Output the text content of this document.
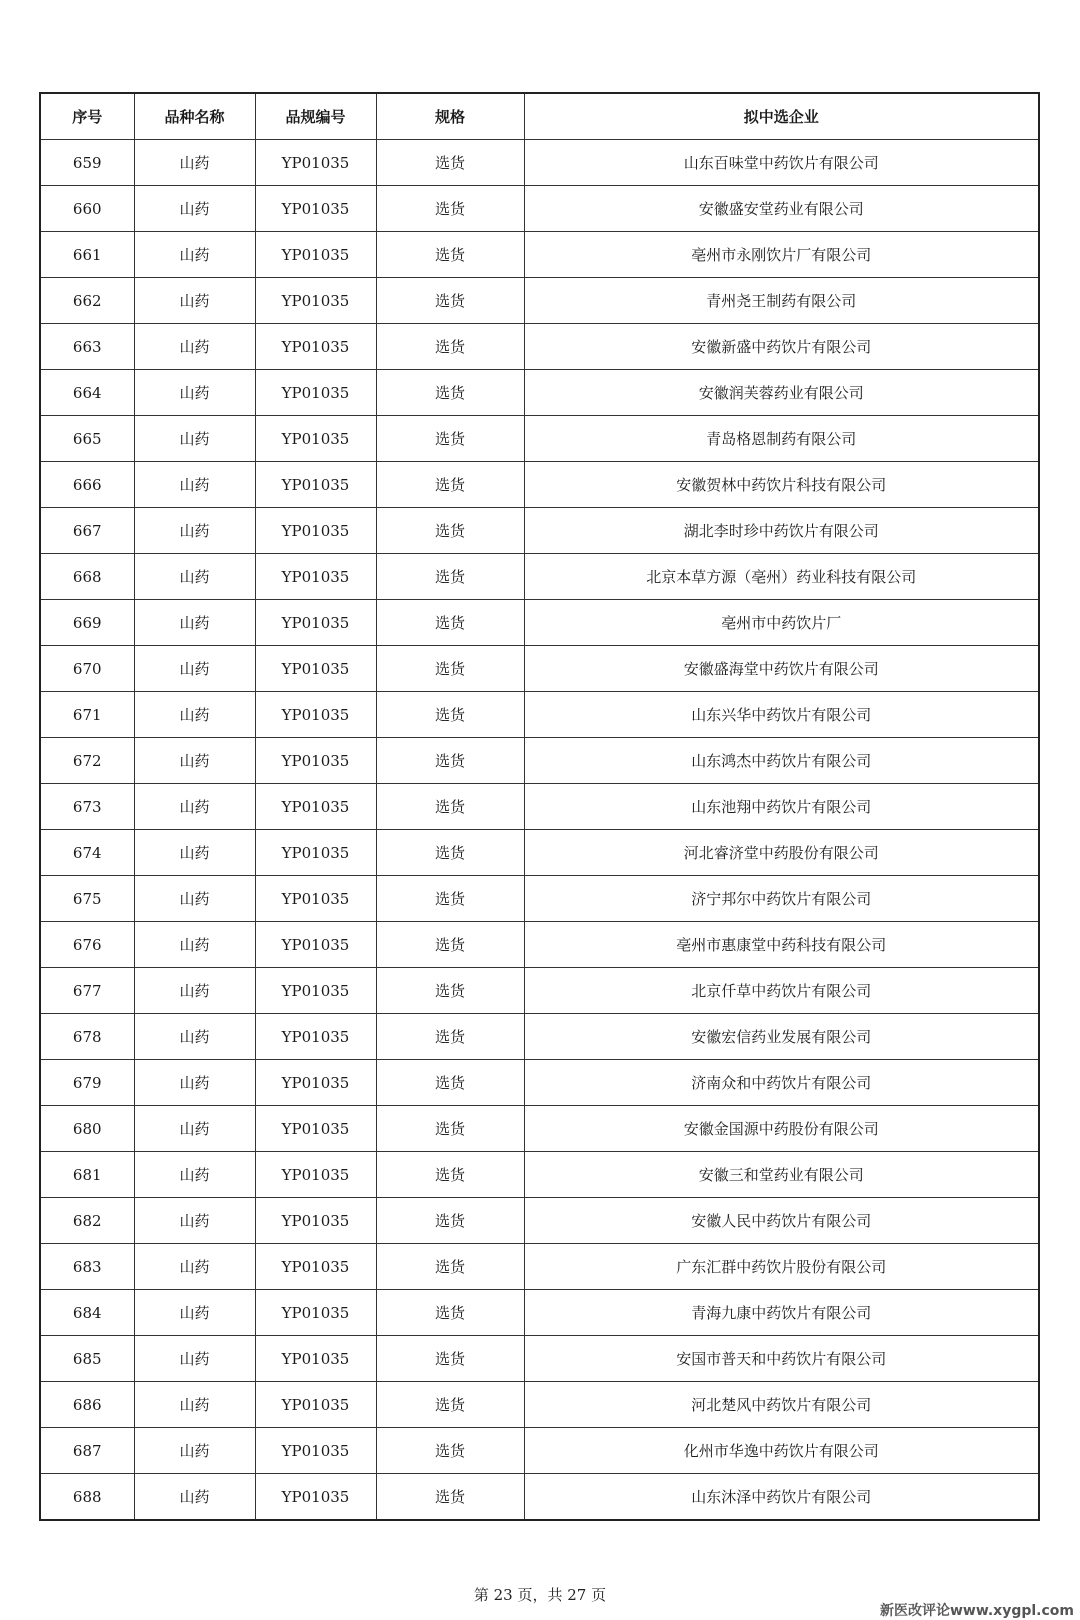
序号	品种名称	品规编号	规格	拟中选企业
659	山药	YP01035	选货	山东百味堂中药饮片有限公司
660	山药	YP01035	选货	安徽盛安堂药业有限公司
661	山药	YP01035	选货	亳州市永刚饮片厂有限公司
662	山药	YP01035	选货	青州尧王制药有限公司
663	山药	YP01035	选货	安徽新盛中药饮片有限公司
664	山药	YP01035	选货	安徽润芙蓉药业有限公司
665	山药	YP01035	选货	青岛格恩制药有限公司
666	山药	YP01035	选货	安徽贺林中药饮片科技有限公司
667	山药	YP01035	选货	湖北李时珍中药饮片有限公司
668	山药	YP01035	选货	北京本草方源（亳州）药业科技有限公司
669	山药	YP01035	选货	亳州市中药饮片厂
670	山药	YP01035	选货	安徽盛海堂中药饮片有限公司
671	山药	YP01035	选货	山东兴华中药饮片有限公司
672	山药	YP01035	选货	山东鸿杰中药饮片有限公司
673	山药	YP01035	选货	山东池翔中药饮片有限公司
674	山药	YP01035	选货	河北睿济堂中药股份有限公司
675	山药	YP01035	选货	济宁邦尔中药饮片有限公司
676	山药	YP01035	选货	亳州市惠康堂中药科技有限公司
677	山药	YP01035	选货	北京仟草中药饮片有限公司
678	山药	YP01035	选货	安徽宏信药业发展有限公司
679	山药	YP01035	选货	济南众和中药饮片有限公司
680	山药	YP01035	选货	安徽金国源中药股份有限公司
681	山药	YP01035	选货	安徽三和堂药业有限公司
682	山药	YP01035	选货	安徽人民中药饮片有限公司
683	山药	YP01035	选货	广东汇群中药饮片股份有限公司
684	山药	YP01035	选货	青海九康中药饮片有限公司
685	山药	YP01035	选货	安国市普天和中药饮片有限公司
686	山药	YP01035	选货	河北楚风中药饮片有限公司
687	山药	YP01035	选货	化州市华逸中药饮片有限公司
688	山药	YP01035	选货	山东沐泽中药饮片有限公司
第 23 页，共 27 页
新医改评论www.xygpl.com
